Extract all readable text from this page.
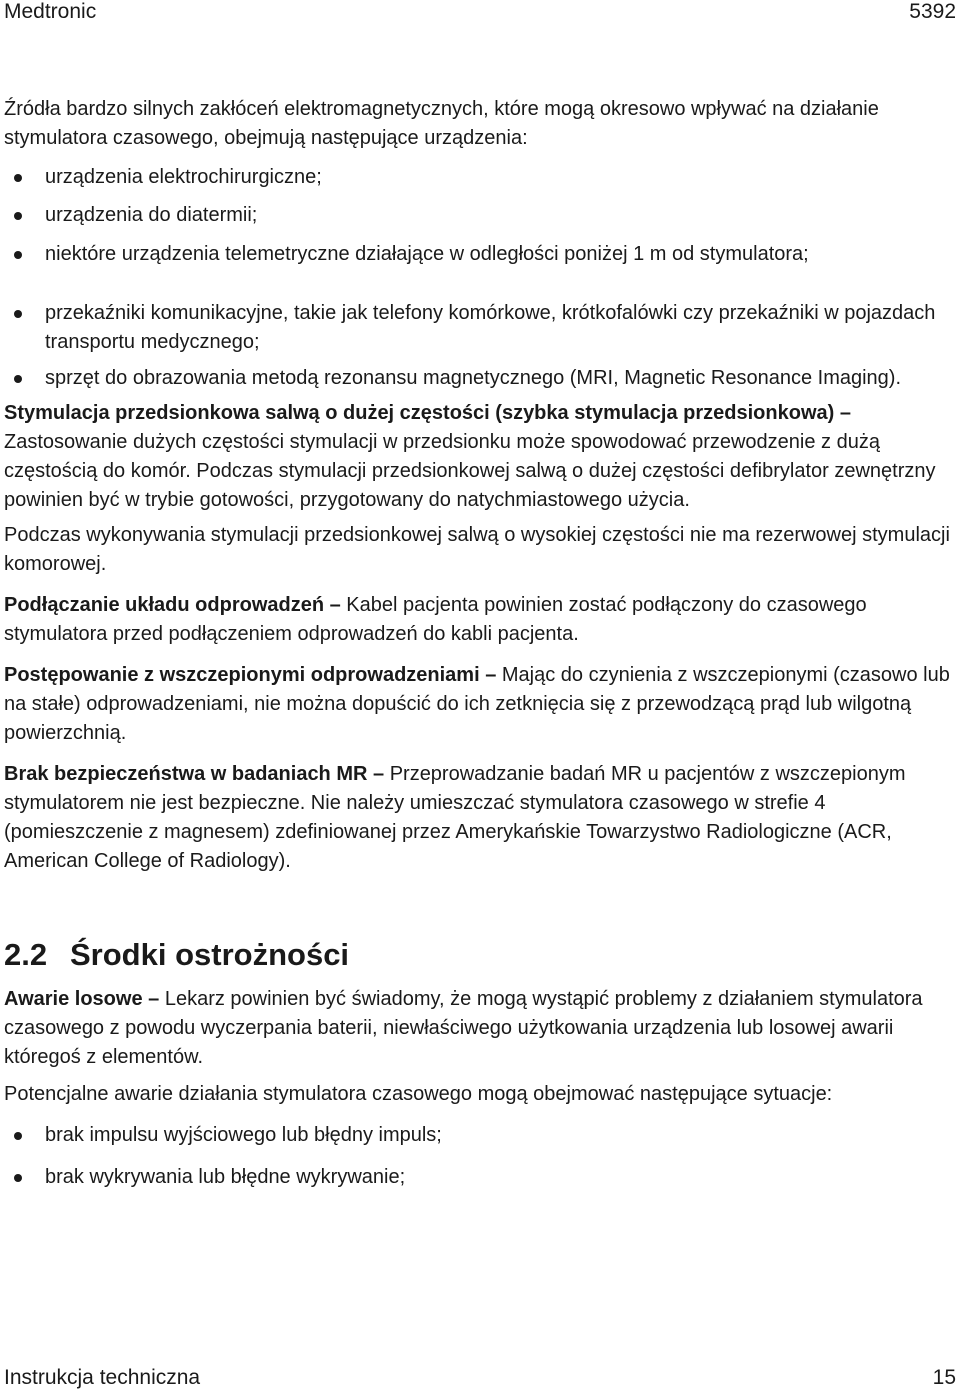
Medtronic	5392

Źródła bardzo silnych zakłóceń elektromagnetycznych, które mogą okresowo wpływać na działanie stymulatora czasowego, obejmują następujące urządzenia:

urządzenia elektrochirurgiczne;
urządzenia do diatermii;
niektóre urządzenia telemetryczne działające w odległości poniżej 1 m od stymulatora;
przekaźniki komunikacyjne, takie jak telefony komórkowe, krótkofalówki czy przekaźniki w pojazdach transportu medycznego;
sprzęt do obrazowania metodą rezonansu magnetycznego (MRI, Magnetic Resonance Imaging).

Stymulacja przedsionkowa salwą o dużej częstości (szybka stymulacja przedsionkowa) – Zastosowanie dużych częstości stymulacji w przedsionku może spowodować przewodzenie z dużą częstością do komór. Podczas stymulacji przedsionkowej salwą o dużej częstości defibrylator zewnętrzny powinien być w trybie gotowości, przygotowany do natychmiastowego użycia.

Podczas wykonywania stymulacji przedsionkowej salwą o wysokiej częstości nie ma rezerwowej stymulacji komorowej.

Podłączanie układu odprowadzeń – Kabel pacjenta powinien zostać podłączony do czasowego stymulatora przed podłączeniem odprowadzeń do kabli pacjenta.

Postępowanie z wszczepionymi odprowadzeniami – Mając do czynienia z wszczepionymi (czasowo lub na stałe) odprowadzeniami, nie można dopuścić do ich zetknięcia się z przewodzącą prąd lub wilgotną powierzchnią.

Brak bezpieczeństwa w badaniach MR – Przeprowadzanie badań MR u pacjentów z wszczepionym stymulatorem nie jest bezpieczne. Nie należy umieszczać stymulatora czasowego w strefie 4 (pomieszczenie z magnesem) zdefiniowanej przez Amerykańskie Towarzystwo Radiologiczne (ACR, American College of Radiology).

2.2 Środki ostrożności

Awarie losowe – Lekarz powinien być świadomy, że mogą wystąpić problemy z działaniem stymulatora czasowego z powodu wyczerpania baterii, niewłaściwego użytkowania urządzenia lub losowej awarii któregoś z elementów.

Potencjalne awarie działania stymulatora czasowego mogą obejmować następujące sytuacje:

brak impulsu wyjściowego lub błędny impuls;
brak wykrywania lub błędne wykrywanie;
Instrukcja techniczna	15
